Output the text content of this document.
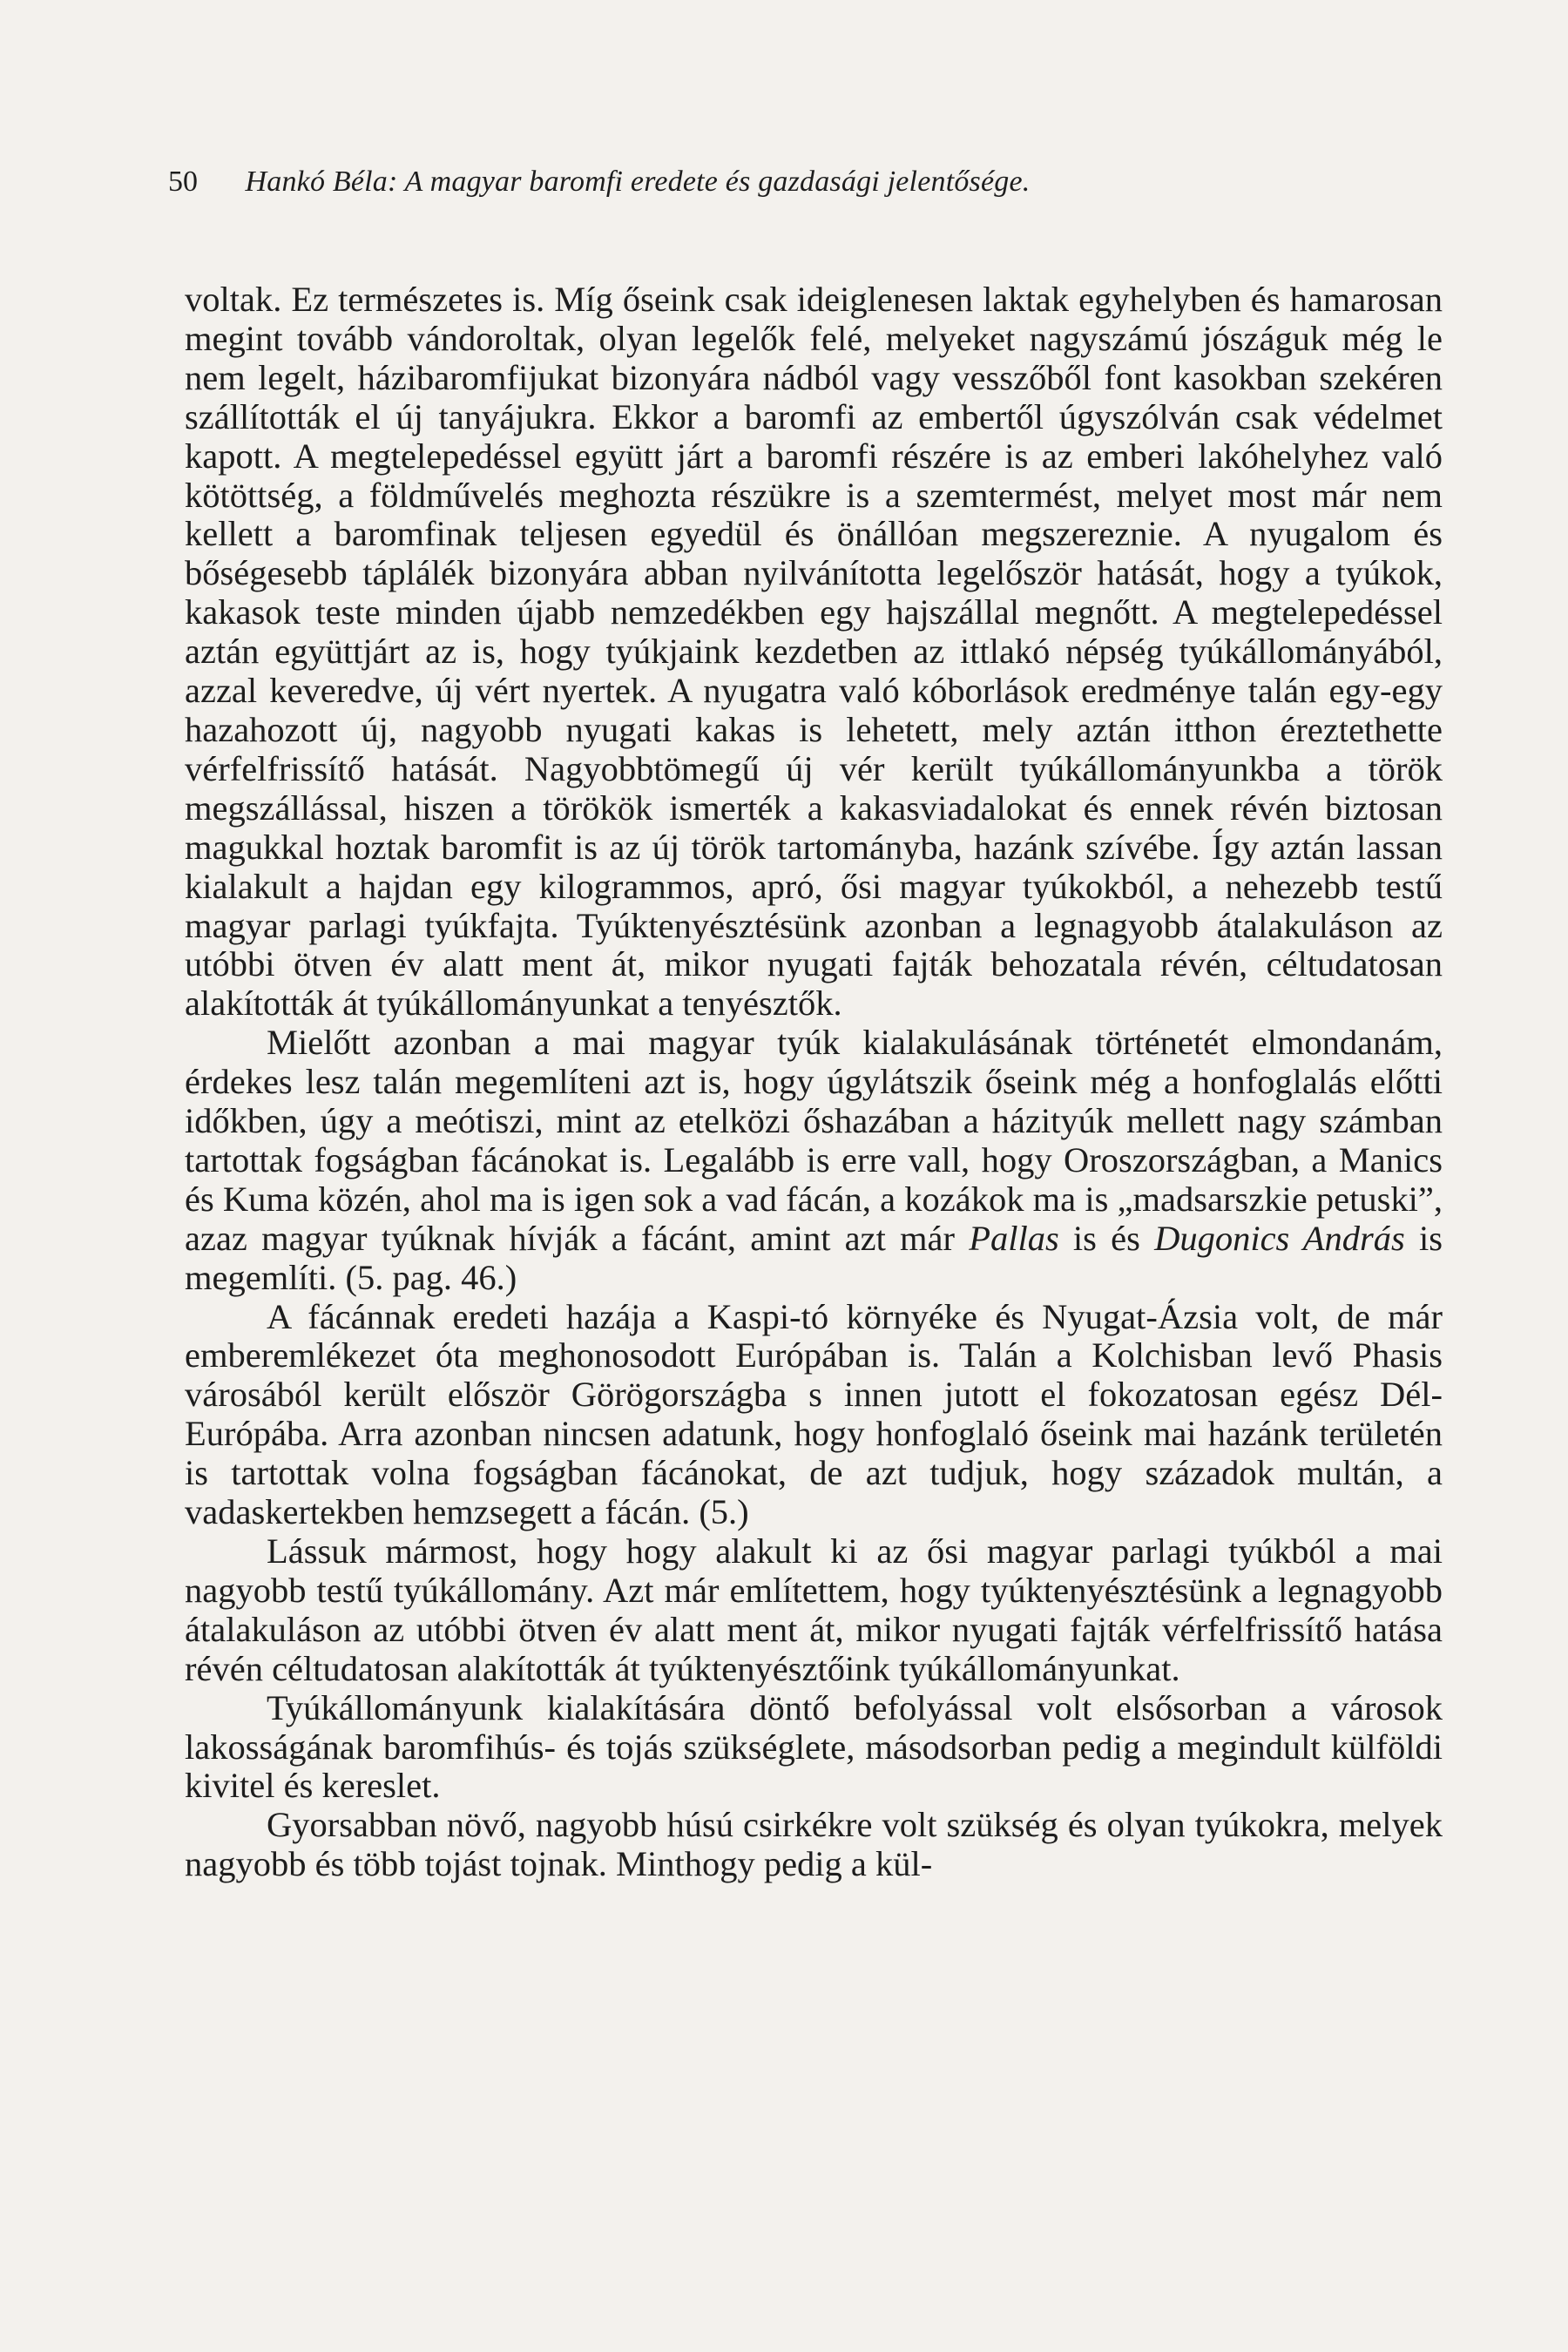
50 Hankó Béla: A magyar baromfi eredete és gazdasági jelentősége.

voltak. Ez természetes is. Míg őseink csak ideiglenesen laktak egyhelyben és hamarosan megint tovább vándoroltak, olyan legelők felé, melyeket nagyszámú jószáguk még le nem legelt, házibaromfijukat bizonyára nádból vagy vesszőből font kasokban szekéren szállították el új tanyájukra. Ekkor a baromfi az embertől úgyszólván csak védelmet kapott. A megtelepedéssel együtt járt a baromfi részére is az emberi lakóhelyhez való kötöttség, a földművelés meghozta részükre is a szemtermést, melyet most már nem kellett a baromfinak teljesen egyedül és önállóan megszereznie. A nyugalom és bőségesebb táplálék bizonyára abban nyilvánította legelőször hatását, hogy a tyúkok, kakasok teste minden újabb nemzedékben egy hajszállal megnőtt. A megtelepedéssel aztán együttjárt az is, hogy tyúkjaink kezdetben az ittlakó népség tyúkállományából, azzal keveredve, új vért nyertek. A nyugatra való kóborlások eredménye talán egy-egy hazahozott új, nagyobb nyugati kakas is lehetett, mely aztán itthon éreztethette vérfelfrissítő hatását. Nagyobbtömegű új vér került tyúkállományunkba a török megszállással, hiszen a törökök ismerték a kakasviadalokat és ennek révén biztosan magukkal hoztak baromfit is az új török tartományba, hazánk szívébe. Így aztán lassan kialakult a hajdan egy kilogrammos, apró, ősi magyar tyúkokból, a nehezebb testű magyar parlagi tyúkfajta. Tyúktenyésztésünk azonban a legnagyobb átalakuláson az utóbbi ötven év alatt ment át, mikor nyugati fajták behozatala révén, céltudatosan alakították át tyúkállományunkat a tenyésztők.

Mielőtt azonban a mai magyar tyúk kialakulásának történetét elmondanám, érdekes lesz talán megemlíteni azt is, hogy úgylátszik őseink még a honfoglalás előtti időkben, úgy a meótiszi, mint az etelközi őshazában a házityúk mellett nagy számban tartottak fogságban fácánokat is. Legalább is erre vall, hogy Oroszországban, a Manics és Kuma közén, ahol ma is igen sok a vad fácán, a kozákok ma is „madsarszkie petuski”, azaz magyar tyúknak hívják a fácánt, amint azt már Pallas is és Dugonics András is megemlíti. (5. pag. 46.)

A fácánnak eredeti hazája a Kaspi-tó környéke és Nyugat-Ázsia volt, de már emberemlékezet óta meghonosodott Európában is. Talán a Kolchisban levő Phasis városából került először Görögországba s innen jutott el fokozatosan egész Dél-Európába. Arra azonban nincsen adatunk, hogy honfoglaló őseink mai hazánk területén is tartottak volna fogságban fácánokat, de azt tudjuk, hogy századok multán, a vadaskertekben hemzsegett a fácán. (5.)

Lássuk mármost, hogy hogy alakult ki az ősi magyar parlagi tyúkból a mai nagyobb testű tyúkállomány. Azt már említettem, hogy tyúktenyésztésünk a legnagyobb átalakuláson az utóbbi ötven év alatt ment át, mikor nyugati fajták vérfelfrissítő hatása révén céltudatosan alakították át tyúktenyésztőink tyúkállományunkat.

Tyúkállományunk kialakítására döntő befolyással volt elsősorban a városok lakosságának baromfihús- és tojás szükséglete, másodsorban pedig a megindult külföldi kivitel és kereslet.

Gyorsabban növő, nagyobb húsú csirkékre volt szükség és olyan tyúkokra, melyek nagyobb és több tojást tojnak. Minthogy pedig a kül-
